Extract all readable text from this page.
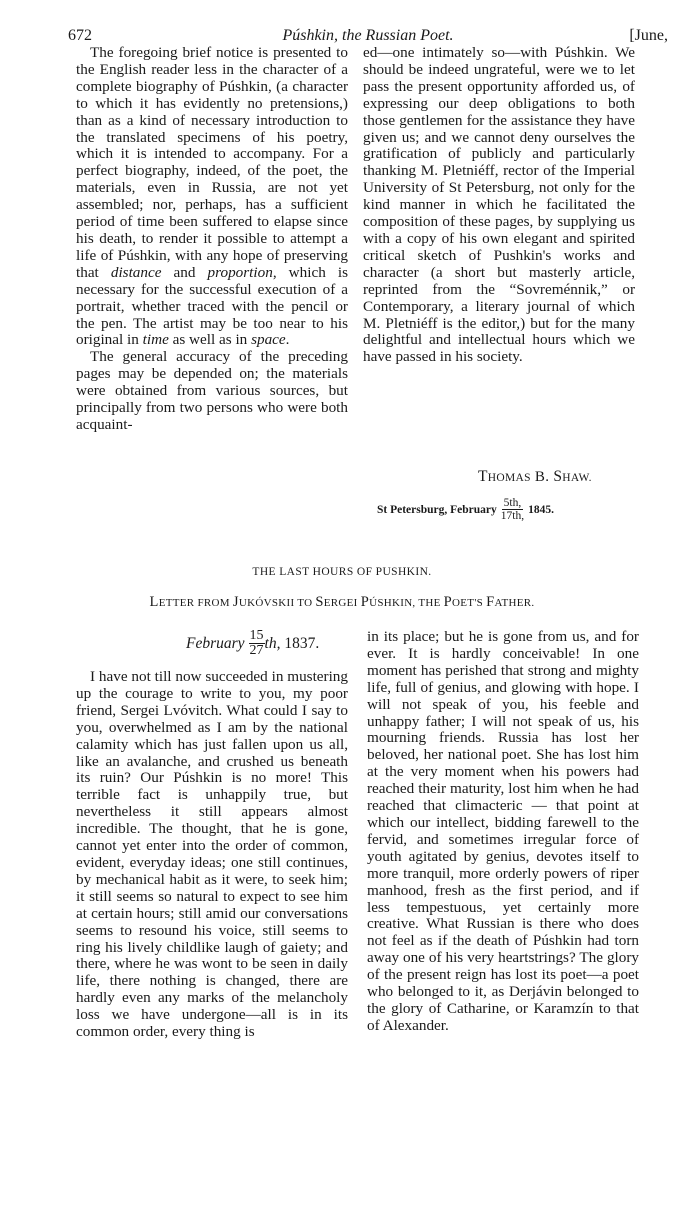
672	Púshkin, the Russian Poet.	[June,

The foregoing brief notice is presented to the English reader less in the character of a complete biography of Púshkin, (a character to which it has evidently no pretensions,) than as a kind of necessary introduction to the translated specimens of his poetry, which it is intended to accompany. For a perfect biography, indeed, of the poet, the materials, even in Russia, are not yet assembled; nor, perhaps, has a sufficient period of time been suffered to elapse since his death, to render it possible to attempt a life of Púshkin, with any hope of preserving that distance and proportion, which is necessary for the successful execution of a portrait, whether traced with the pencil or the pen. The artist may be too near to his original in time as well as in space.

The general accuracy of the preceding pages may be depended on; the materials were obtained from various sources, but principally from two persons who were both acquaint-

ed—one intimately so—with Púshkin. We should be indeed ungrateful, were we to let pass the present opportunity afforded us, of expressing our deep obligations to both those gentlemen for the assistance they have given us; and we cannot deny ourselves the gratification of publicly and particularly thanking M. Pletniéff, rector of the Imperial University of St Petersburg, not only for the kind manner in which he facilitated the composition of these pages, by supplying us with a copy of his own elegant and spirited critical sketch of Pushkin's works and character (a short but masterly article, reprinted from the “Sovreménnik,” or Contemporary, a literary journal of which M. Pletniéff is the editor,) but for the many delightful and intellectual hours which we have passed in his society.

THOMAS B. SHAW.
St Petersburg, February $\frac{5th,}{17th,} 1845$.
THE LAST HOURS OF PUSHKIN.
LETTER FROM JUKÓVSKII TO SERGEI PÚSHKIN, THE POET'S FATHER.
February $\frac{15}{27}$ th,
1837.

I have not till now succeeded in mustering up the courage to write to you, my poor friend, Sergei Lvóvitch. What could I say to you, overwhelmed as I am by the national calamity which has just fallen upon us all, like an avalanche, and crushed us beneath its ruin? Our Púshkin is no more! This terrible fact is unhappily true, but nevertheless it still appears almost incredible. The thought, that he is gone, cannot yet enter into the order of common, evident, everyday ideas; one still continues, by mechanical habit as it were, to seek him; it still seems so natural to expect to see him at certain hours; still amid our conversations seems to resound his voice, still seems to ring his lively childlike laugh of gaiety; and there, where he was wont to be seen in daily life, there nothing is changed, there are hardly even any marks of the melancholy loss we have undergone—all is in its common order, every thing is

in its place; but he is gone from us, and for ever. It is hardly conceivable! In one moment has perished that strong and mighty life, full of genius, and glowing with hope. I will not speak of you, his feeble and unhappy father; I will not speak of us, his mourning friends. Russia has lost her beloved, her national poet. She has lost him at the very moment when his powers had reached their maturity, lost him when he had reached that climacteric — that point at which our intellect, bidding farewell to the fervid, and sometimes irregular force of youth agitated by genius, devotes itself to more tranquil, more orderly powers of riper manhood, fresh as the first period, and if less tempestuous, yet certainly more creative. What Russian is there who does not feel as if the death of Púshkin had torn away one of his very heartstrings? The glory of the present reign has lost its poet—a poet who belonged to it, as Derjávin belonged to the glory of Catharine, or Karamzín to that of Alexander.
